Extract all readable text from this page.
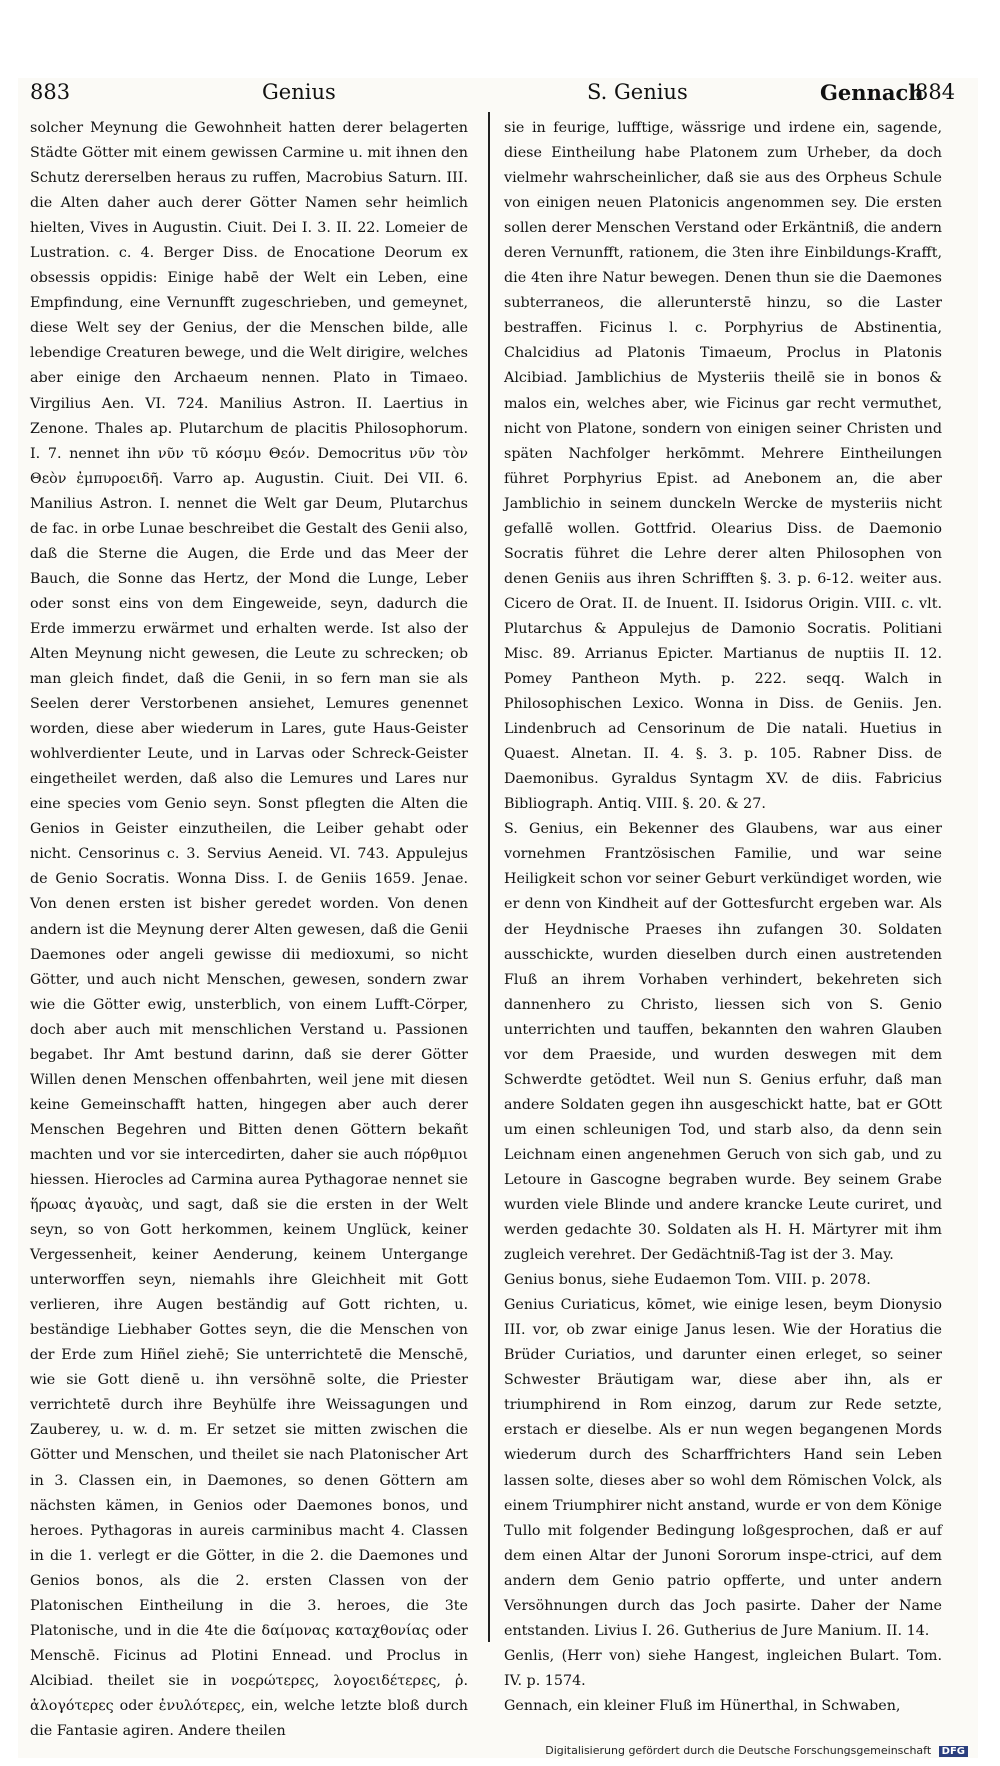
883	Genius	S. Genius	Gennach
884

solcher Meynung die Gewohnheit hatten derer belagerten Städte Götter mit einem gewissen Carmine u. mit ihnen den Schutz dererselben heraus zu ruffen, Macrobius Saturn. III. die Alten daher auch derer Götter Namen sehr heimlich hielten, Vives in Augustin. Ciuit. Dei I. 3. II. 22. Lomeier de Lustration. c. 4. Berger Diss. de Enocatione Deorum ex obsessis oppidis: Einige habē der Welt ein Leben, eine Empfindung, eine Vernunfft zugeschrieben, und gemeynet, diese Welt sey der Genius, der die Menschen bilde, alle lebendige Creaturen bewege, und die Welt dirigire, welches aber einige den Archaeum nennen. Plato in Timaeo. Virgilius Aen. VI. 724. Manilius Astron. II. Laertius in Zenone. Thales ap. Plutarchum de placitis Philosophorum. I. 7. nennet ihn νῦν τῦ κόσμυ Θεόν. Democritus νῦν τὸν Θεὸν ἐμπυροειδῆ. Varro ap. Augustin. Ciuit. Dei VII. 6. Manilius Astron. I. nennet die Welt gar Deum, Plutarchus de fac. in orbe Lunae beschreibet die Gestalt des Genii also, daß die Sterne die Augen, die Erde und das Meer der Bauch, die Sonne das Hertz, der Mond die Lunge, Leber oder sonst eins von dem Eingeweide, seyn, dadurch die Erde immerzu erwärmet und erhalten werde. Ist also der Alten Meynung nicht gewesen, die Leute zu schrecken; ob man gleich findet, daß die Genii, in so fern man sie als Seelen derer Verstorbenen ansiehet, Lemures genennet worden, diese aber wiederum in Lares, gute Haus-Geister wohlverdienter Leute, und in Larvas oder Schreck-Geister eingetheilet werden, daß also die Lemures und Lares nur eine species vom Genio seyn. Sonst pflegten die Alten die Genios in Geister einzutheilen, die Leiber gehabt oder nicht. Censorinus c. 3. Servius Aeneid. VI. 743. Appulejus de Genio Socratis. Wonna Diss. I. de Geniis 1659. Jenae. Von denen ersten ist bisher geredet worden. Von denen andern ist die Meynung derer Alten gewesen, daß die Genii Daemones oder angeli gewisse dii medioxumi, so nicht Götter, und auch nicht Menschen, gewesen, sondern zwar wie die Götter ewig, unsterblich, von einem Lufft-Cörper, doch aber auch mit menschlichen Verstand u. Passionen begabet. Ihr Amt bestund darinn, daß sie derer Götter Willen denen Menschen offenbahrten, weil jene mit diesen keine Gemeinschafft hatten, hingegen aber auch derer Menschen Begehren und Bitten denen Göttern bekañt machten und vor sie intercedirten, daher sie auch πόρθμιοι hiessen. Hierocles ad Carmina aurea Pythagorae nennet sie ἥρωας ἀγαυὰς, und sagt, daß sie die ersten in der Welt seyn, so von Gott herkommen, keinem Unglück, keiner Vergessenheit, keiner Aenderung, keinem Untergange unterworffen seyn, niemahls ihre Gleichheit mit Gott verlieren, ihre Augen beständig auf Gott richten, u. beständige Liebhaber Gottes seyn, die die Menschen von der Erde zum Hiñel ziehē; Sie unterrichtetē die Menschē, wie sie Gott dienē u. ihn versöhnē solte, die Priester verrichtetē durch ihre Beyhülfe ihre Weissagungen und Zauberey, u. w. d. m. Er setzet sie mitten zwischen die Götter und Menschen, und theilet sie nach Platonischer Art in 3. Classen ein, in Daemones, so denen Göttern am nächsten kämen, in Genios oder Daemones bonos, und heroes. Pythagoras in aureis carminibus macht 4. Classen in die 1. verlegt er die Götter, in die 2. die Daemones und Genios bonos, als die 2. ersten Classen von der Platonischen Eintheilung in die 3. heroes, die 3te Platonische, und in die 4te die δαίμονας καταχθονίας oder Menschē. Ficinus ad Plotini Ennead. und Proclus in Alcibiad. theilet sie in νοερώτερες, λογοειδέτερες, ῥ. ἀλογότερες oder ἐνυλότερες, ein, welche letzte bloß durch die Fantasie agiren. Andere theilen

sie in feurige, lufftige, wässrige und irdene ein, sagende, diese Eintheilung habe Platonem zum Urheber, da doch vielmehr wahrscheinlicher, daß sie aus des Orpheus Schule von einigen neuen Platonicis angenommen sey. Die ersten sollen derer Menschen Verstand oder Erkäntniß, die andern deren Vernunfft, rationem, die 3ten ihre Einbildungs-Krafft, die 4ten ihre Natur bewegen. Denen thun sie die Daemones subterraneos, die allerunterstē hinzu, so die Laster bestraffen. Ficinus l. c. Porphyrius de Abstinentia, Chalcidius ad Platonis Timaeum, Proclus in Platonis Alcibiad. Jamblichius de Mysteriis theilē sie in bonos & malos ein, welches aber, wie Ficinus gar recht vermuthet, nicht von Platone, sondern von einigen seiner Christen und späten Nachfolger herkōmmt. Mehrere Eintheilungen führet Porphyrius Epist. ad Anebonem an, die aber Jamblichio in seinem dunckeln Wercke de mysteriis nicht gefallē wollen. Gottfrid. Olearius Diss. de Daemonio Socratis führet die Lehre derer alten Philosophen von denen Geniis aus ihren Schrifften §. 3. p. 6-12. weiter aus. Cicero de Orat. II. de Inuent. II. Isidorus Origin. VIII. c. vlt. Plutarchus & Appulejus de Damonio Socratis. Politiani Misc. 89. Arrianus Epicter. Martianus de nuptiis II. 12. Pomey Pantheon Myth. p. 222. seqq. Walch in Philosophischen Lexico. Wonna in Diss. de Geniis. Jen. Lindenbruch ad Censorinum de Die natali. Huetius in Quaest. Alnetan. II. 4. §. 3. p. 105. Rabner Diss. de Daemonibus. Gyraldus Syntagm XV. de diis. Fabricius Bibliograph. Antiq. VIII. §. 20. & 27.

S. Genius, ein Bekenner des Glaubens, war aus einer vornehmen Frantzösischen Familie, und war seine Heiligkeit schon vor seiner Geburt verkündiget worden, wie er denn von Kindheit auf der Gottesfurcht ergeben war. Als der Heydnische Praeses ihn zufangen 30. Soldaten ausschickte, wurden dieselben durch einen austretenden Fluß an ihrem Vorhaben verhindert, bekehreten sich dannenhero zu Christo, liessen sich von S. Genio unterrichten und tauffen, bekannten den wahren Glauben vor dem Praeside, und wurden deswegen mit dem Schwerdte getödtet. Weil nun S. Genius erfuhr, daß man andere Soldaten gegen ihn ausgeschickt hatte, bat er GOtt um einen schleunigen Tod, und starb also, da denn sein Leichnam einen angenehmen Geruch von sich gab, und zu Letoure in Gascogne begraben wurde. Bey seinem Grabe wurden viele Blinde und andere krancke Leute curiret, und werden gedachte 30. Soldaten als H. H. Märtyrer mit ihm zugleich verehret. Der Gedächtniß-Tag ist der 3. May.

Genius bonus, siehe Eudaemon Tom. VIII. p. 2078.

Genius Curiaticus, kōmet, wie einige lesen, beym Dionysio III. vor, ob zwar einige Janus lesen. Wie der Horatius die Brüder Curiatios, und darunter einen erleget, so seiner Schwester Bräutigam war, diese aber ihn, als er triumphirend in Rom einzog, darum zur Rede setzte, erstach er dieselbe. Als er nun wegen begangenen Mords wiederum durch des Scharffrichters Hand sein Leben lassen solte, dieses aber so wohl dem Römischen Volck, als einem Triumphirer nicht anstand, wurde er von dem Könige Tullo mit folgender Bedingung loßgesprochen, daß er auf dem einen Altar der Junoni Sororum inspe-ctrici, auf dem andern dem Genio patrio opfferte, und unter andern Versöhnungen durch das Joch pasirte. Daher der Name entstanden. Livius I. 26. Gutherius de Jure Manium. II. 14.

Genlis, (Herr von) siehe Hangest, ingleichen Bulart. Tom. IV. p. 1574.

Gennach, ein kleiner Fluß im Hünerthal, in Schwaben,

Digitalisierung gefördert durch die Deutsche Forschungsgemeinschaft DFG
